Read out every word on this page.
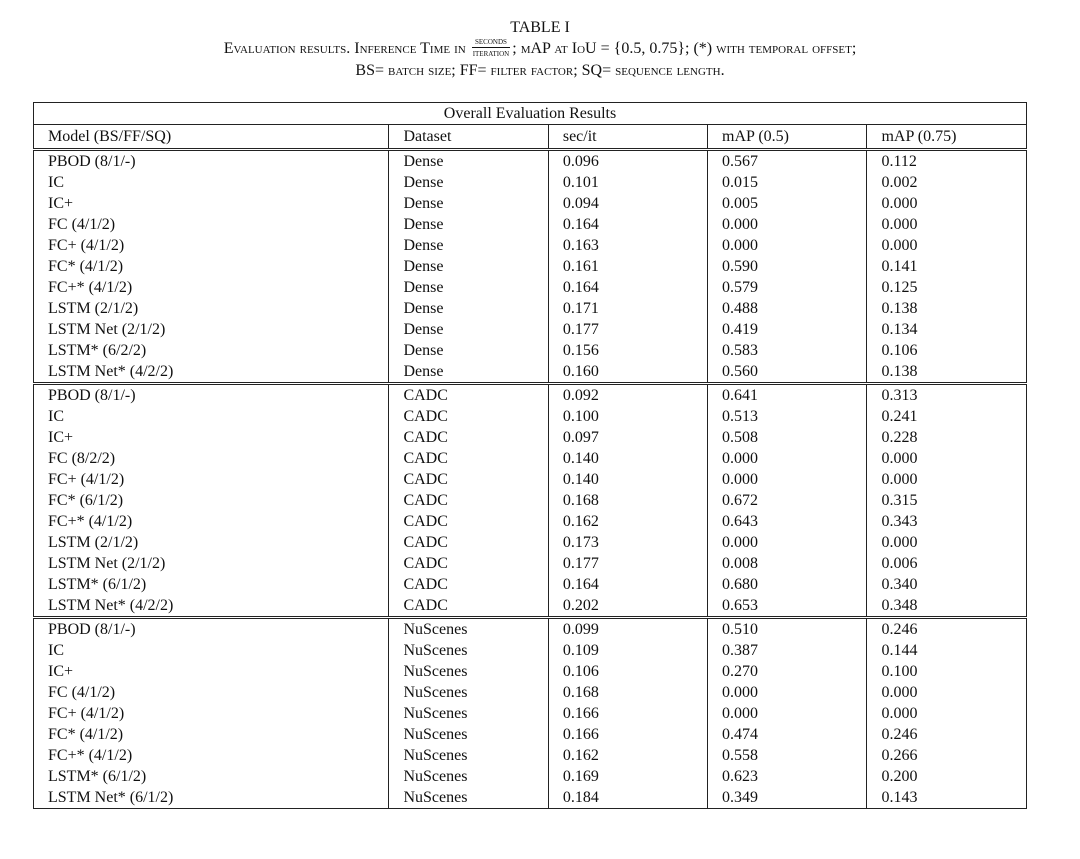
TABLE I
Evaluation results. Inference Time in $\frac{\text{seconds}}{\text{iteration}}$ ; mAP at IoU = {0.5, 0.75}; (*) with temporal offset;
BS= batch size; FF= filter factor; SQ= sequence length.
Overall Evaluation Results				
Model (BS/FF/SQ)	Dataset	sec/it	mAP (0.5)	mAP (0.75)
PBOD (8/1/-)	Dense	0.096	0.567	0.112
IC	Dense	0.101	0.015	0.002
IC+	Dense	0.094	0.005	0.000
FC (4/1/2)	Dense	0.164	0.000	0.000
FC+ (4/1/2)	Dense	0.163	0.000	0.000
FC* (4/1/2)	Dense	0.161	0.590	0.141
FC+* (4/1/2)	Dense	0.164	0.579	0.125
LSTM (2/1/2)	Dense	0.171	0.488	0.138
LSTM Net (2/1/2)	Dense	0.177	0.419	0.134
LSTM* (6/2/2)	Dense	0.156	0.583	0.106
LSTM Net* (4/2/2)	Dense	0.160	0.560	0.138
PBOD (8/1/-)	CADC	0.092	0.641	0.313
IC	CADC	0.100	0.513	0.241
IC+	CADC	0.097	0.508	0.228
FC (8/2/2)	CADC	0.140	0.000	0.000
FC+ (4/1/2)	CADC	0.140	0.000	0.000
FC* (6/1/2)	CADC	0.168	0.672	0.315
FC+* (4/1/2)	CADC	0.162	0.643	0.343
LSTM (2/1/2)	CADC	0.173	0.000	0.000
LSTM Net (2/1/2)	CADC	0.177	0.008	0.006
LSTM* (6/1/2)	CADC	0.164	0.680	0.340
LSTM Net* (4/2/2)	CADC	0.202	0.653	0.348
PBOD (8/1/-)	NuScenes	0.099	0.510	0.246
IC	NuScenes	0.109	0.387	0.144
IC+	NuScenes	0.106	0.270	0.100
FC (4/1/2)	NuScenes	0.168	0.000	0.000
FC+ (4/1/2)	NuScenes	0.166	0.000	0.000
FC* (4/1/2)	NuScenes	0.166	0.474	0.246
FC+* (4/1/2)	NuScenes	0.162	0.558	0.266
LSTM* (6/1/2)	NuScenes	0.169	0.623	0.200
LSTM Net* (6/1/2)	NuScenes	0.184	0.349	0.143
